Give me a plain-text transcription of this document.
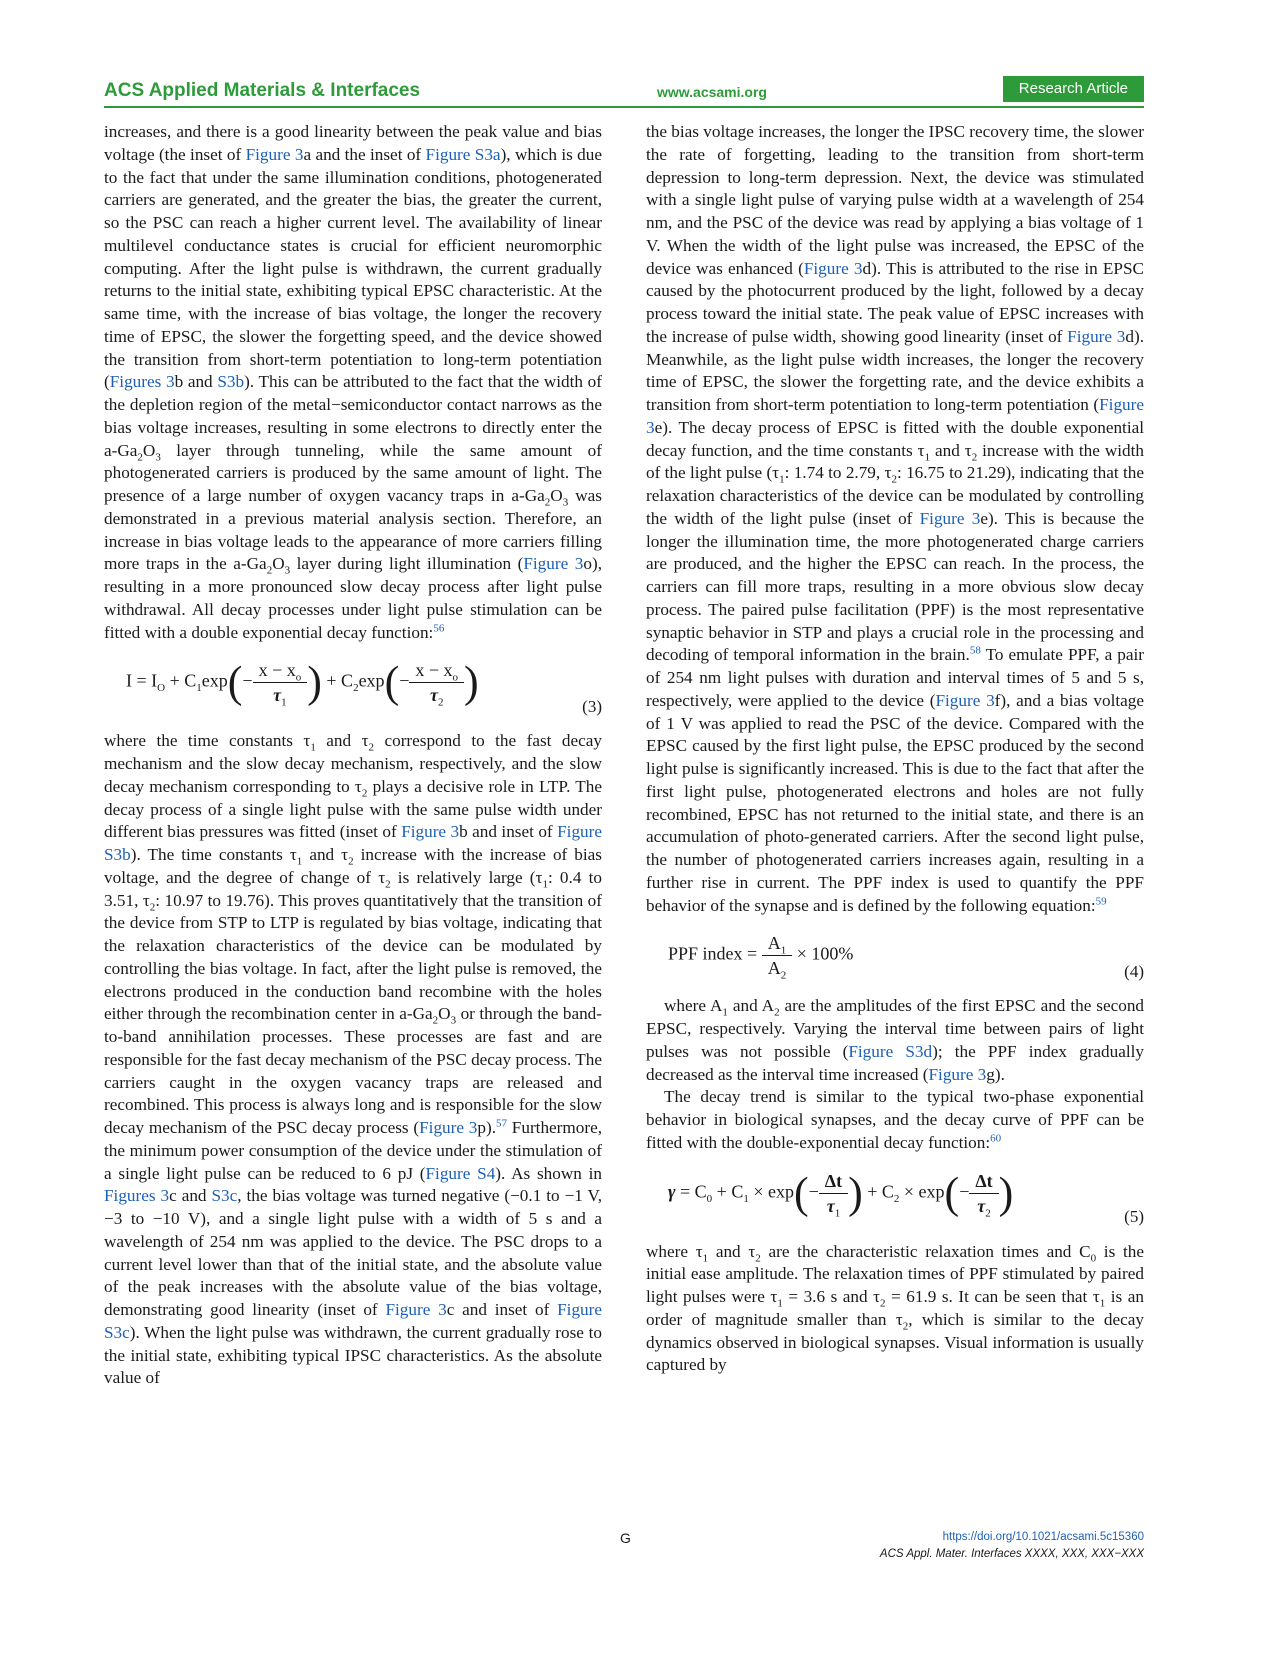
ACS Applied Materials & Interfaces	www.acsami.org	Research Article

increases, and there is a good linearity between the peak value and bias voltage (the inset of Figure 3a and the inset of Figure S3a), which is due to the fact that under the same illumination conditions, photogenerated carriers are generated, and the greater the bias, the greater the current, so the PSC can reach a higher current level. The availability of linear multilevel conductance states is crucial for efficient neuromorphic computing. After the light pulse is withdrawn, the current gradually returns to the initial state, exhibiting typical EPSC characteristic. At the same time, with the increase of bias voltage, the longer the recovery time of EPSC, the slower the forgetting speed, and the device showed the transition from short-term potentiation to long-term potentiation (Figures 3b and S3b). This can be attributed to the fact that the width of the depletion region of the metal−semiconductor contact narrows as the bias voltage increases, resulting in some electrons to directly enter the $a-Ga_2O_3$ layer through tunneling, while the same amount of photogenerated carriers is produced by the same amount of light. The presence of a large number of oxygen vacancy traps in $a-Ga_2O_3$ was demonstrated in a previous material analysis section. Therefore, an increase in bias voltage leads to the appearance of more carriers filling more traps in the $a-Ga_2O_3$ layer during light illumination (Figure 3o), resulting in a more pronounced slow decay process after light pulse withdrawal. All decay processes under light pulse stimulation can be fitted with a double exponential decay function:$^{56}$

$I = I_O + C_1\exp(- \frac{x - x_o}{\tau_1}$ ) + $C_2\exp(- \frac{x - x_o}{\tau_2}$ )	(3)

where the time constants $\tau_1$ and $\tau_2$ correspond to the fast decay mechanism and the slow decay mechanism, respectively, and the slow decay mechanism corresponding to $\tau_2$ plays a decisive role in LTP. The decay process of a single light pulse with the same pulse width under different bias pressures was fitted (inset of Figure 3b and inset of Figure S3b). The time constants $\tau_1$ and $\tau_2$ increase with the increase of bias voltage, and the degree of change of $\tau_2$ is relatively large ($\tau_1$: 0.4 to 3.51, $\tau_2$: 10.97 to 19.76). This proves quantitatively that the transition of the device from STP to LTP is regulated by bias voltage, indicating that the relaxation characteristics of the device can be modulated by controlling the bias voltage. In fact, after the light pulse is removed, the electrons produced in the conduction band recombine with the holes either through the recombination center in $a-Ga_2O_3$ or through the band-to-band annihilation processes. These processes are fast and are responsible for the fast decay mechanism of the PSC decay process. The carriers caught in the oxygen vacancy traps are released and recombined. This process is always long and is responsible for the slow decay mechanism of the PSC decay process (Figure 3p).$^{57}$ Furthermore, the minimum power consumption of the device under the stimulation of a single light pulse can be reduced to 6 pJ (Figure S4). As shown in Figures 3c and S3c, the bias voltage was turned negative (−0.1 to −1 V, −3 to −10 V), and a single light pulse with a width of 5 s and a wavelength of 254 nm was applied to the device. The PSC drops to a current level lower than that of the initial state, and the absolute value of the peak increases with the absolute value of the bias voltage, demonstrating good linearity (inset of Figure 3c and inset of Figure S3c). When the light pulse was withdrawn, the current gradually rose to the initial state, exhibiting typical IPSC characteristics. As the absolute value of

the bias voltage increases, the longer the IPSC recovery time, the slower the rate of forgetting, leading to the transition from short-term depression to long-term depression. Next, the device was stimulated with a single light pulse of varying pulse width at a wavelength of 254 nm, and the PSC of the device was read by applying a bias voltage of 1 V. When the width of the light pulse was increased, the EPSC of the device was enhanced (Figure 3d). This is attributed to the rise in EPSC caused by the photocurrent produced by the light, followed by a decay process toward the initial state. The peak value of EPSC increases with the increase of pulse width, showing good linearity (inset of Figure 3d). Meanwhile, as the light pulse width increases, the longer the recovery time of EPSC, the slower the forgetting rate, and the device exhibits a transition from short-term potentiation to long-term potentiation (Figure 3e). The decay process of EPSC is fitted with the double exponential decay function, and the time constants $\tau_1$ and $\tau_2$ increase with the width of the light pulse ($\tau_1$: 1.74 to 2.79, $\tau_2$: 16.75 to 21.29), indicating that the relaxation characteristics of the device can be modulated by controlling the width of the light pulse (inset of Figure 3e). This is because the longer the illumination time, the more photogenerated charge carriers are produced, and the higher the EPSC can reach. In the process, the carriers can fill more traps, resulting in a more obvious slow decay process. The paired pulse facilitation (PPF) is the most representative synaptic behavior in STP and plays a crucial role in the processing and decoding of temporal information in the brain.$^{58}$ To emulate PPF, a pair of 254 nm light pulses with duration and interval times of 5 and 5 s, respectively, were applied to the device (Figure 3f), and a bias voltage of 1 V was applied to read the PSC of the device. Compared with the EPSC caused by the first light pulse, the EPSC produced by the second light pulse is significantly increased. This is due to the fact that after the first light pulse, photogenerated electrons and holes are not fully recombined, EPSC has not returned to the initial state, and there is an accumulation of photo-generated carriers. After the second light pulse, the number of photogenerated carriers increases again, resulting in a further rise in current. The PPF index is used to quantify the PPF behavior of the synapse and is defined by the following equation:$^{59}$

PPF index = $\frac{A_1}{A_2} \times 100\%$
(4)

where $A_1$ and $A_2$ are the amplitudes of the first EPSC and the second EPSC, respectively. Varying the interval time between pairs of light pulses was not possible (Figure S3d); the PPF index gradually decreased as the interval time increased (Figure 3g).

The decay trend is similar to the typical two-phase exponential behavior in biological synapses, and the decay curve of PPF can be fitted with the double-exponential decay function:$^{60}$

$\gamma = C_0 + C_1 \times \exp(- \frac{\Delta t}{\tau_1}$ ) + $C_2 \times \exp(- \frac{\Delta t}{\tau_2}$ )	(5)

where $\tau_1$ and $\tau_2$ are the characteristic relaxation times and $C_0$ is the initial ease amplitude. The relaxation times of PPF stimulated by paired light pulses were $\tau_1 = 3.6$ s and $\tau_2 = 61.9$ s. It can be seen that $\tau_1$ is an order of magnitude smaller than $\tau_2$, which is similar to the decay dynamics observed in biological synapses. Visual information is usually captured by

G	https://doi.org/10.1021/acsami.5c15360
ACS Appl. Mater. Interfaces XXXX, XXX, XXX−XXX
